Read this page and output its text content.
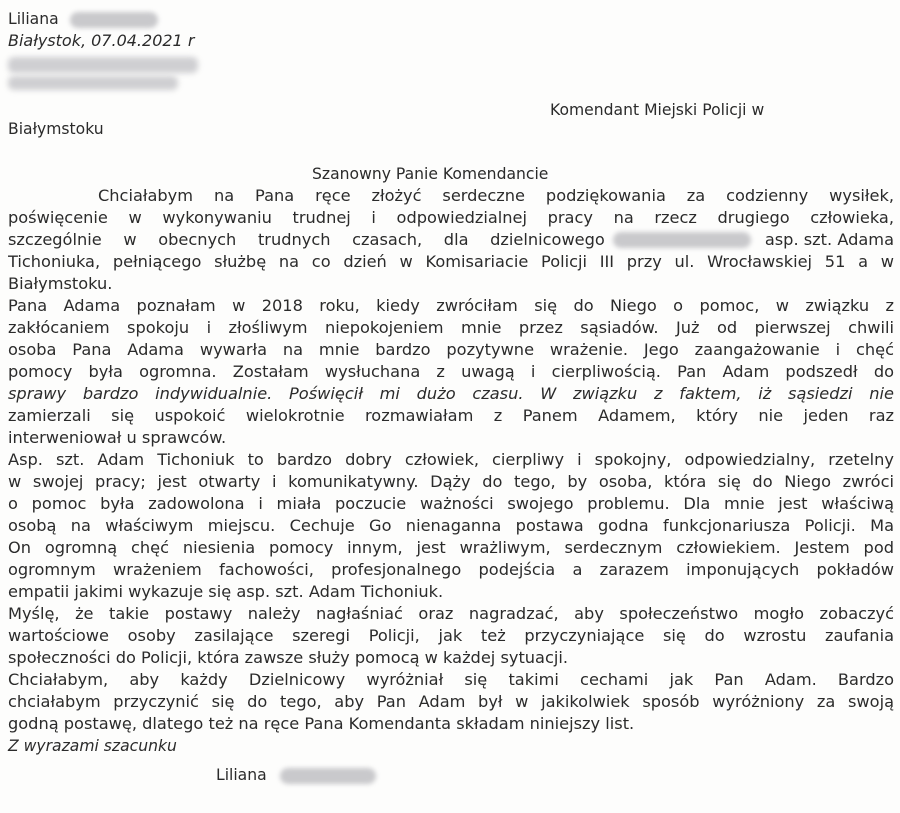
Liliana
Białystok, 07.04.2021 r
Komendant Miejski Policji w
Białymstoku
Szanowny Panie Komendancie
Chciałabym na Pana ręce złożyć serdeczne podziękowania za codzienny wysiłek,
poświęcenie w wykonywaniu trudnej i odpowiedzialnej pracy na rzecz drugiego człowieka,
szczególnie w obecnych trudnych czasach, dla dzielnicowego	asp. szt. Adama
Tichoniuka, pełniącego służbę na co dzień w Komisariacie Policji III przy ul. Wrocławskiej 51 a w
Białymstoku.
Pana Adama poznałam w 2018 roku, kiedy zwróciłam się do Niego o pomoc, w związku z
zakłócaniem spokoju i złośliwym niepokojeniem mnie przez sąsiadów. Już od pierwszej chwili
osoba Pana Adama wywarła na mnie bardzo pozytywne wrażenie. Jego zaangażowanie i chęć
pomocy była ogromna. Zostałam wysłuchana z uwagą i cierpliwością. Pan Adam podszedł do
sprawy bardzo indywidualnie. Poświęcił mi dużo czasu. W związku z faktem, iż sąsiedzi nie
zamierzali się uspokoić wielokrotnie rozmawiałam z Panem Adamem, który nie jeden raz
interweniował u sprawców.
Asp. szt. Adam Tichoniuk to bardzo dobry człowiek, cierpliwy i spokojny, odpowiedzialny, rzetelny
w swojej pracy; jest otwarty i komunikatywny. Dąży do tego, by osoba, która się do Niego zwróci
o pomoc była zadowolona i miała poczucie ważności swojego problemu. Dla mnie jest właściwą
osobą na właściwym miejscu. Cechuje Go nienaganna postawa godna funkcjonariusza Policji. Ma
On ogromną chęć niesienia pomocy innym, jest wrażliwym, serdecznym człowiekiem. Jestem pod
ogromnym wrażeniem fachowości, profesjonalnego podejścia a zarazem imponujących pokładów
empatii jakimi wykazuje się asp. szt. Adam Tichoniuk.
Myślę, że takie postawy należy nagłaśniać oraz nagradzać, aby społeczeństwo mogło zobaczyć
wartościowe osoby zasilające szeregi Policji, jak też przyczyniające się do wzrostu zaufania
społeczności do Policji, która zawsze służy pomocą w każdej sytuacji.
Chciałabym, aby każdy Dzielnicowy wyróżniał się takimi cechami jak Pan Adam. Bardzo
chciałabym przyczynić się do tego, aby Pan Adam był w jakikolwiek sposób wyróżniony za swoją
godną postawę, dlatego też na ręce Pana Komendanta składam niniejszy list.
Z wyrazami szacunku
Liliana
